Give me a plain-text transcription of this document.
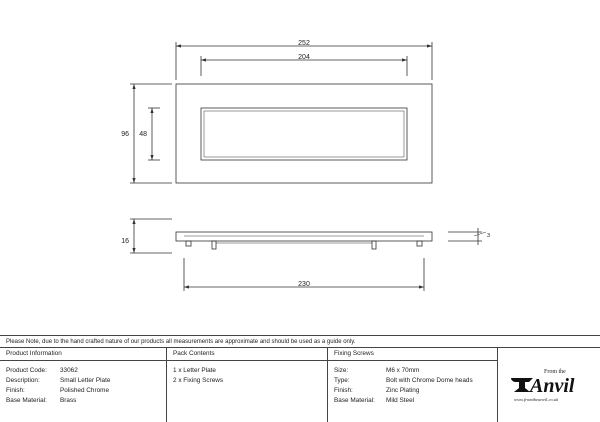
252
204
96 48
16
230
3
Please Note, due to the hand crafted nature of our products all measurements are approximate and should be used as a guide only.
Product Information
Product Code:	33062
Description:	Small Letter Plate
Finish:	Polished Chrome
Base Material:	Brass
Pack Contents
1 x Letter Plate
2 x Fixing Screws
Fixing Screws
Size:	M6 x 70mm
Type:	Bolt with Chrome Dome heads
Finish:	Zinc Plating
Base Material:	Mild Steel
From the
Anvil
www.fromtheanvil.co.uk
